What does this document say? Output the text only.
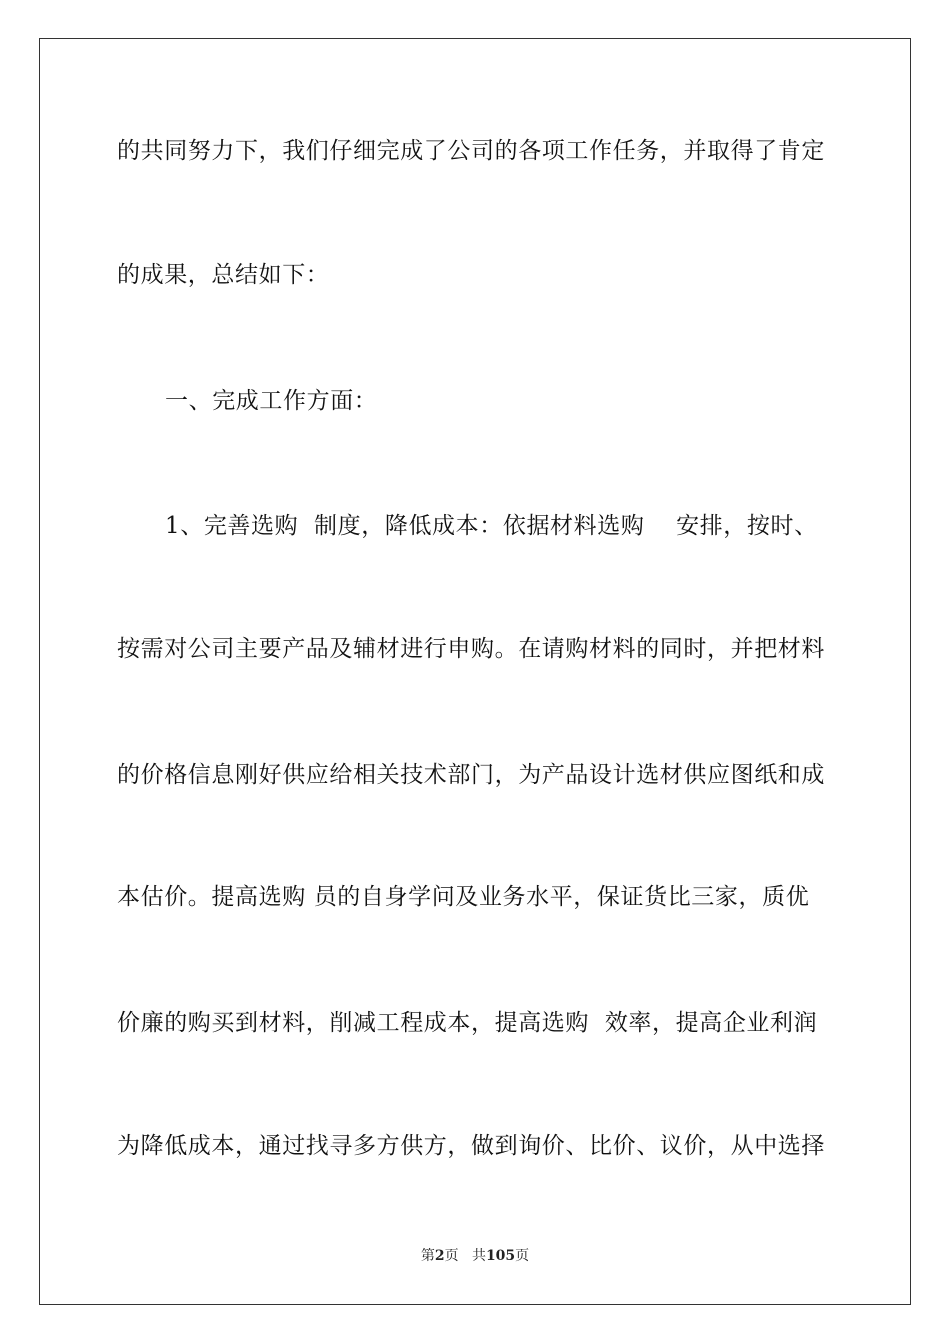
的共同努力下，我们仔细完成了公司的各项工作任务，并取得了肯定
的成果，总结如下：
一、完成工作方面：
1、完善选购  制度，降低成本：依据材料选购    安排，按时、
按需对公司主要产品及辅材进行申购。在请购材料的同时，并把材料
的价格信息刚好供应给相关技术部门，为产品设计选材供应图纸和成
本估价。提高选购 员的自身学问及业务水平，保证货比三家，质优
价廉的购买到材料，削减工程成本，提高选购  效率，提高企业利润
为降低成本，通过找寻多方供方，做到询价、比价、议价，从中选择
第2页 共105页
